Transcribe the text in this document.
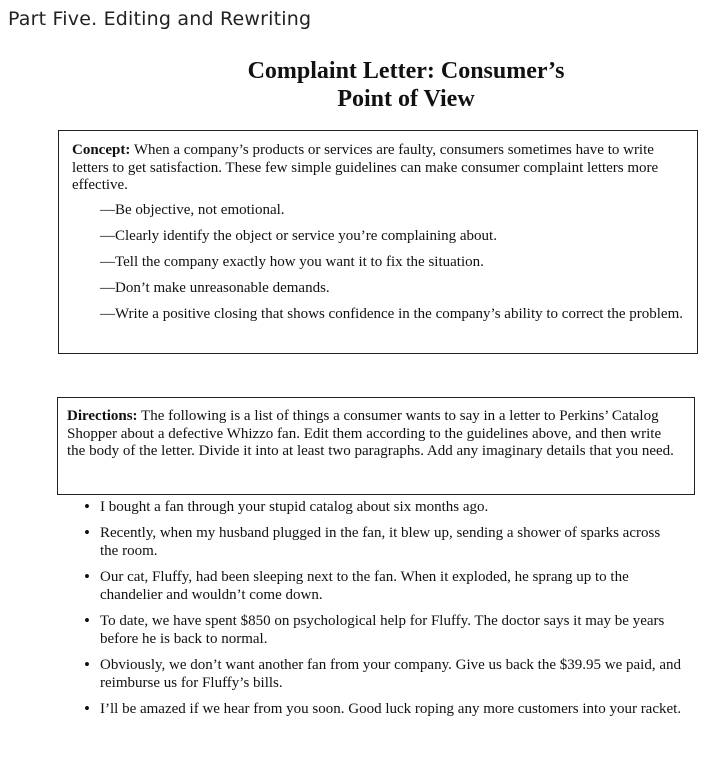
Part Five. Editing and Rewriting
Complaint Letter: Consumer’s
Point of View
Concept: When a company’s products or services are faulty, consumers sometimes have to write letters to get satisfaction. These few simple guidelines can make consumer complaint letters more effective.
—Be objective, not emotional.
—Clearly identify the object or service you’re complaining about.
—Tell the company exactly how you want it to fix the situation.
—Don’t make unreasonable demands.
—Write a positive closing that shows confidence in the company’s ability to correct the problem.
Directions: The following is a list of things a consumer wants to say in a letter to Perkins’ Catalog Shopper about a defective Whizzo fan. Edit them according to the guidelines above, and then write the body of the letter. Divide it into at least two paragraphs. Add any imaginary details that you need.
• I bought a fan through your stupid catalog about six months ago.
• Recently, when my husband plugged in the fan, it blew up, sending a shower of sparks across the room.
• Our cat, Fluffy, had been sleeping next to the fan. When it exploded, he sprang up to the chandelier and wouldn’t come down.
• To date, we have spent $850 on psychological help for Fluffy. The doctor says it may be years before he is back to normal.
• Obviously, we don’t want another fan from your company. Give us back the $39.95 we paid, and reimburse us for Fluffy’s bills.
• I’ll be amazed if we hear from you soon. Good luck roping any more customers into your racket.
